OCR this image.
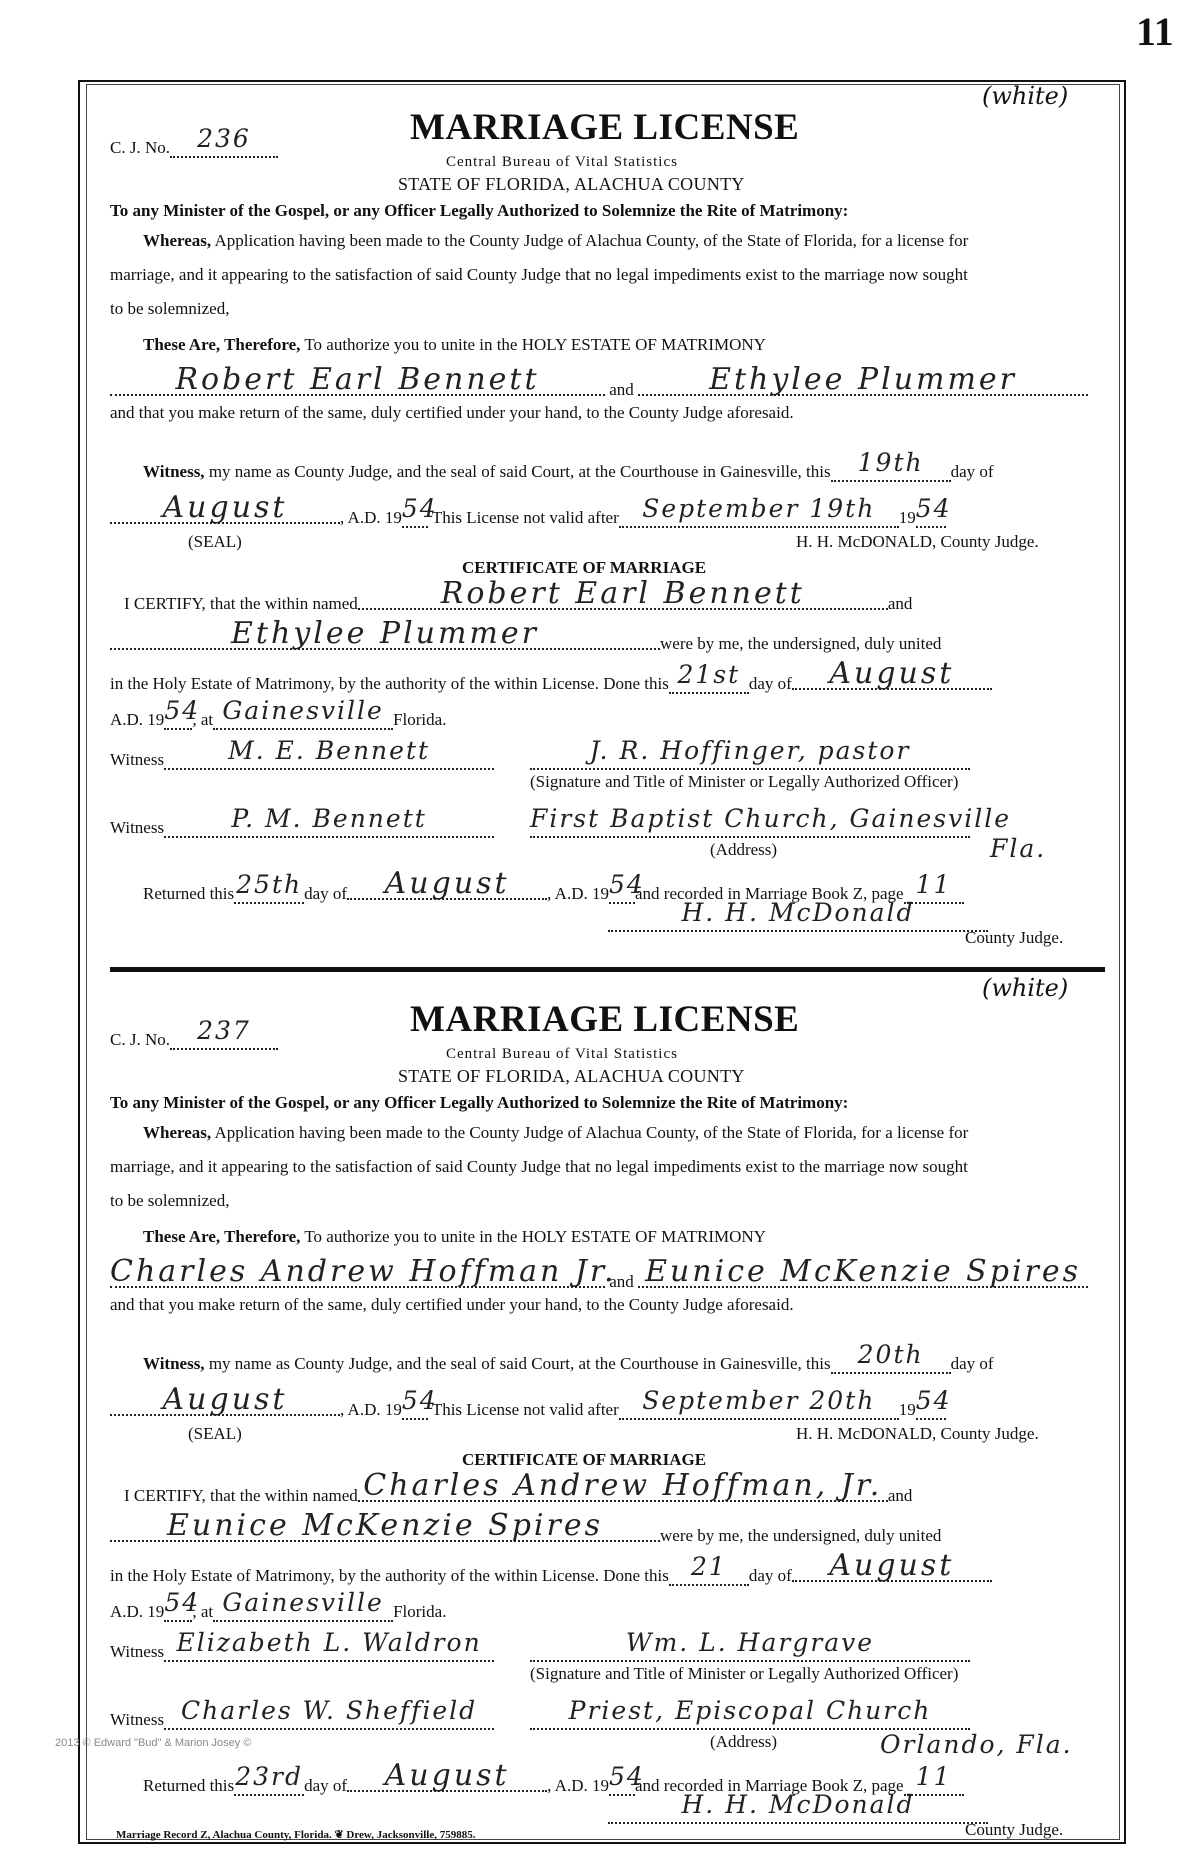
11
(white)
C. J. No. 236	MARRIAGE LICENSE
Central Bureau of Vital Statistics
STATE OF FLORIDA, ALACHUA COUNTY
To any Minister of the Gospel, or any Officer Legally Authorized to Solemnize the Rite of Matrimony:
Whereas, Application having been made to the County Judge of Alachua County, of the State of Florida, for a license for
marriage, and it appearing to the satisfaction of said County Judge that no legal impediments exist to the marriage now sought
to be solemnized,
These Are, Therefore, To authorize you to unite in the HOLY ESTATE OF MATRIMONY
Robert Earl Bennett	and	Ethylee Plummer
and that you make return of the same, duly certified under your hand, to the County Judge aforesaid.
Witness, my name as County Judge, and the seal of said Court, at the Courthouse in Gainesville, this 19th day of
August	, A.D. 1954 This License not valid after September 19th 1954
(SEAL)	H. H. McDONALD, County Judge.
CERTIFICATE OF MARRIAGE
I CERTIFY, that the within named	Robert Earl Bennett	and
Ethylee Plummer	were by me, the undersigned, duly united
in the Holy Estate of Matrimony, by the authority of the within License. Done this 21st day of August
A.D. 1954, at Gainesville Florida.
Witness	M. E. Bennett	J. R. Hoffinger, pastor
(Signature and Title of Minister or Legally Authorized Officer)
Witness	P. M. Bennett	First Baptist Church, Gainesville
Fla.
(Address)
Returned this25th day of August , A.D. 1954and recorded in Marriage Book Z, page 11
H. H. McDonald
County Judge.
(white)
C. J. No. 237	MARRIAGE LICENSE
Central Bureau of Vital Statistics
STATE OF FLORIDA, ALACHUA COUNTY
To any Minister of the Gospel, or any Officer Legally Authorized to Solemnize the Rite of Matrimony:
Whereas, Application having been made to the County Judge of Alachua County, of the State of Florida, for a license for
marriage, and it appearing to the satisfaction of said County Judge that no legal impediments exist to the marriage now sought
to be solemnized,
These Are, Therefore, To authorize you to unite in the HOLY ESTATE OF MATRIMONY
Charles Andrew Hoffman Jr. and Eunice McKenzie Spires
and that you make return of the same, duly certified under your hand, to the County Judge aforesaid.
Witness, my name as County Judge, and the seal of said Court, at the Courthouse in Gainesville, this 20th day of
August	, A.D. 1954 This License not valid after September 20th 1954
(SEAL)	H. H. McDONALD, County Judge.
CERTIFICATE OF MARRIAGE
I CERTIFY, that the within named Charles Andrew Hoffman, Jr. and
Eunice McKenzie Spires	were by me, the undersigned, duly united
in the Holy Estate of Matrimony, by the authority of the within License. Done this 21 day of August
A.D. 1954, at Gainesville Florida.
Witness Elizabeth L. Waldron	Wm. L. Hargrave
(Signature and Title of Minister or Legally Authorized Officer)
Witness Charles W. Sheffield	Priest, Episcopal Church
Orlando, Fla.
(Address)
Returned this23rdday of August , A.D. 1954and recorded in Marriage Book Z, page 11
H. H. McDonald
County Judge.
2013 © Edward "Bud" & Marion Josey ©
Marriage Record Z, Alachua County, Florida. ❦ Drew, Jacksonville, 759885.
